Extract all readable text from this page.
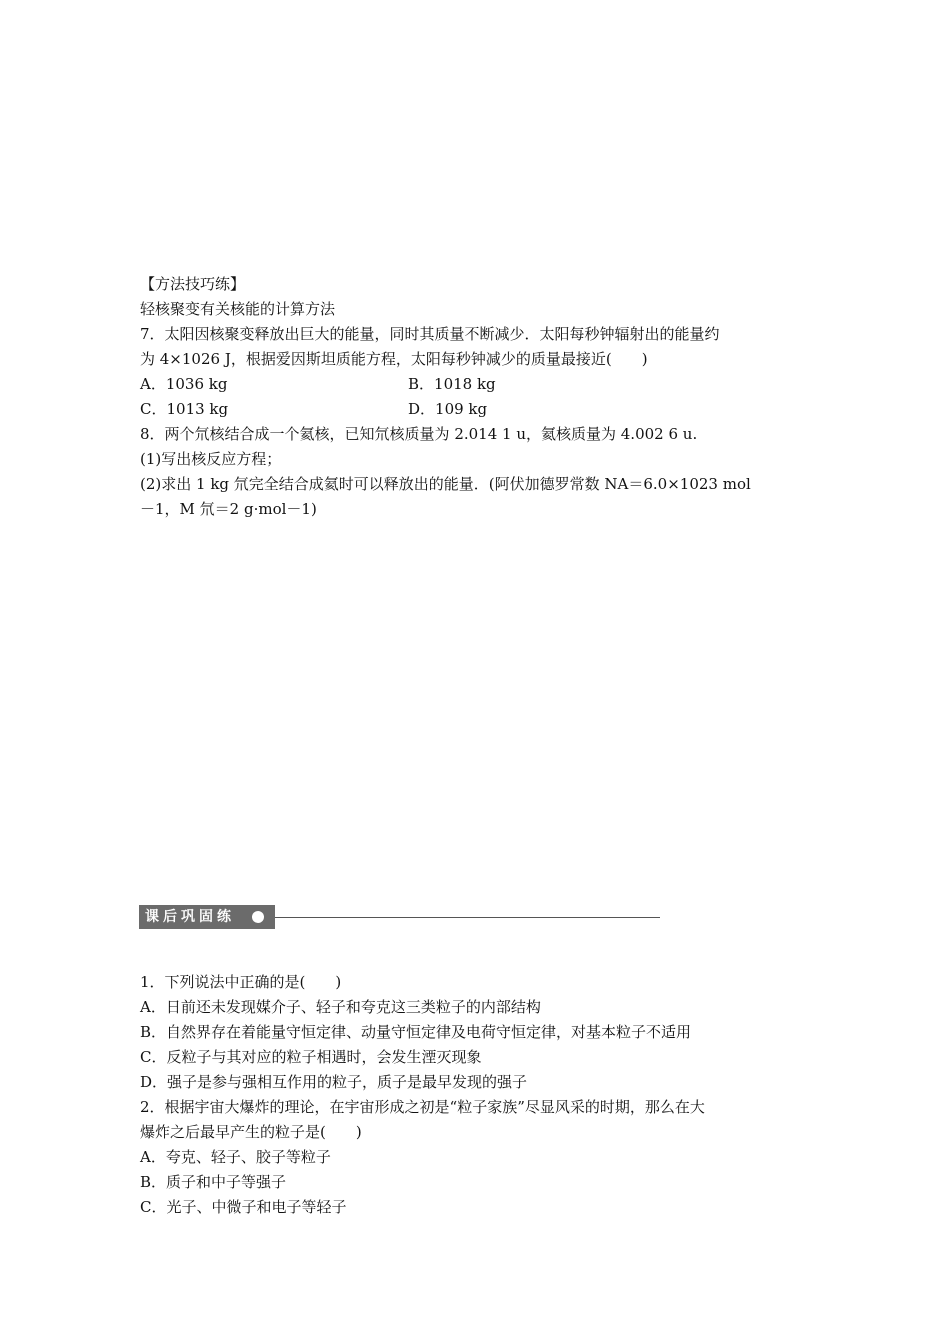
【方法技巧练】
轻核聚变有关核能的计算方法
7．太阳因核聚变释放出巨大的能量，同时其质量不断减少．太阳每秒钟辐射出的能量约
为 4×1026 J，根据爱因斯坦质能方程，太阳每秒钟减少的质量最接近(　　)
A．1036 kg	B．1018 kg
C．1013 kg	D．109 kg
8．两个氘核结合成一个氦核，已知氘核质量为 2.014 1 u，氦核质量为 4.002 6 u.
(1)写出核反应方程；
(2)求出 1 kg 氘完全结合成氦时可以释放出的能量．(阿伏加德罗常数 NA＝6.0×1023 mol
－1，M 氘＝2 g·mol－1)
课后巩固练
1．下列说法中正确的是(　　)
A．日前还未发现媒介子、轻子和夸克这三类粒子的内部结构
B．自然界存在着能量守恒定律、动量守恒定律及电荷守恒定律，对基本粒子不适用
C．反粒子与其对应的粒子相遇时，会发生湮灭现象
D．强子是参与强相互作用的粒子，质子是最早发现的强子
2．根据宇宙大爆炸的理论，在宇宙形成之初是“粒子家族”尽显风采的时期，那么在大
爆炸之后最早产生的粒子是(　　)
A．夸克、轻子、胶子等粒子
B．质子和中子等强子
C．光子、中微子和电子等轻子
